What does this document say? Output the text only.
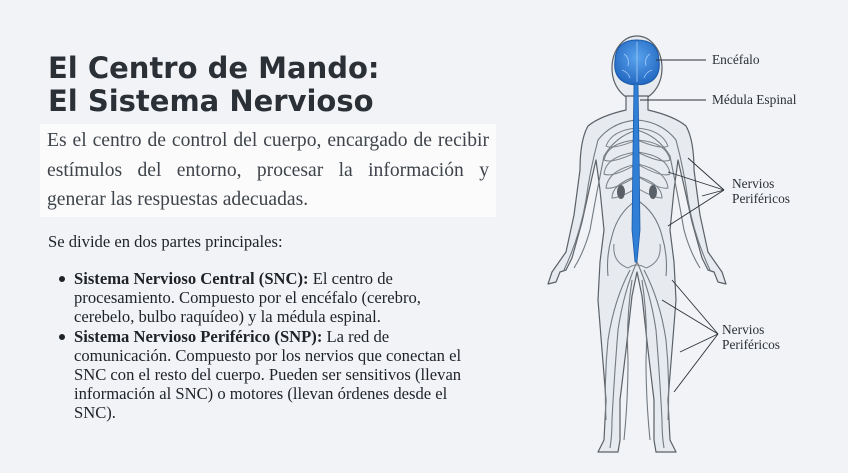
El Centro de Mando:
El Sistema Nervioso

Es el centro de control del cuerpo, encargado de recibir estímulos del entorno, procesar la información y generar las respuestas adecuadas.

Se divide en dos partes principales:

Sistema Nervioso Central (SNC): El centro de procesamiento. Compuesto por el encéfalo (cerebro, cerebelo, bulbo raquídeo) y la médula espinal.
Sistema Nervioso Periférico (SNP): La red de comunicación. Compuesto por los nervios que conectan el SNC con el resto del cuerpo. Pueden ser sensitivos (llevan información al SNC) o motores (llevan órdenes desde el SNC).
Encéfalo
Médula Espinal
Nervios
Periféricos
Nervios
Periféricos
